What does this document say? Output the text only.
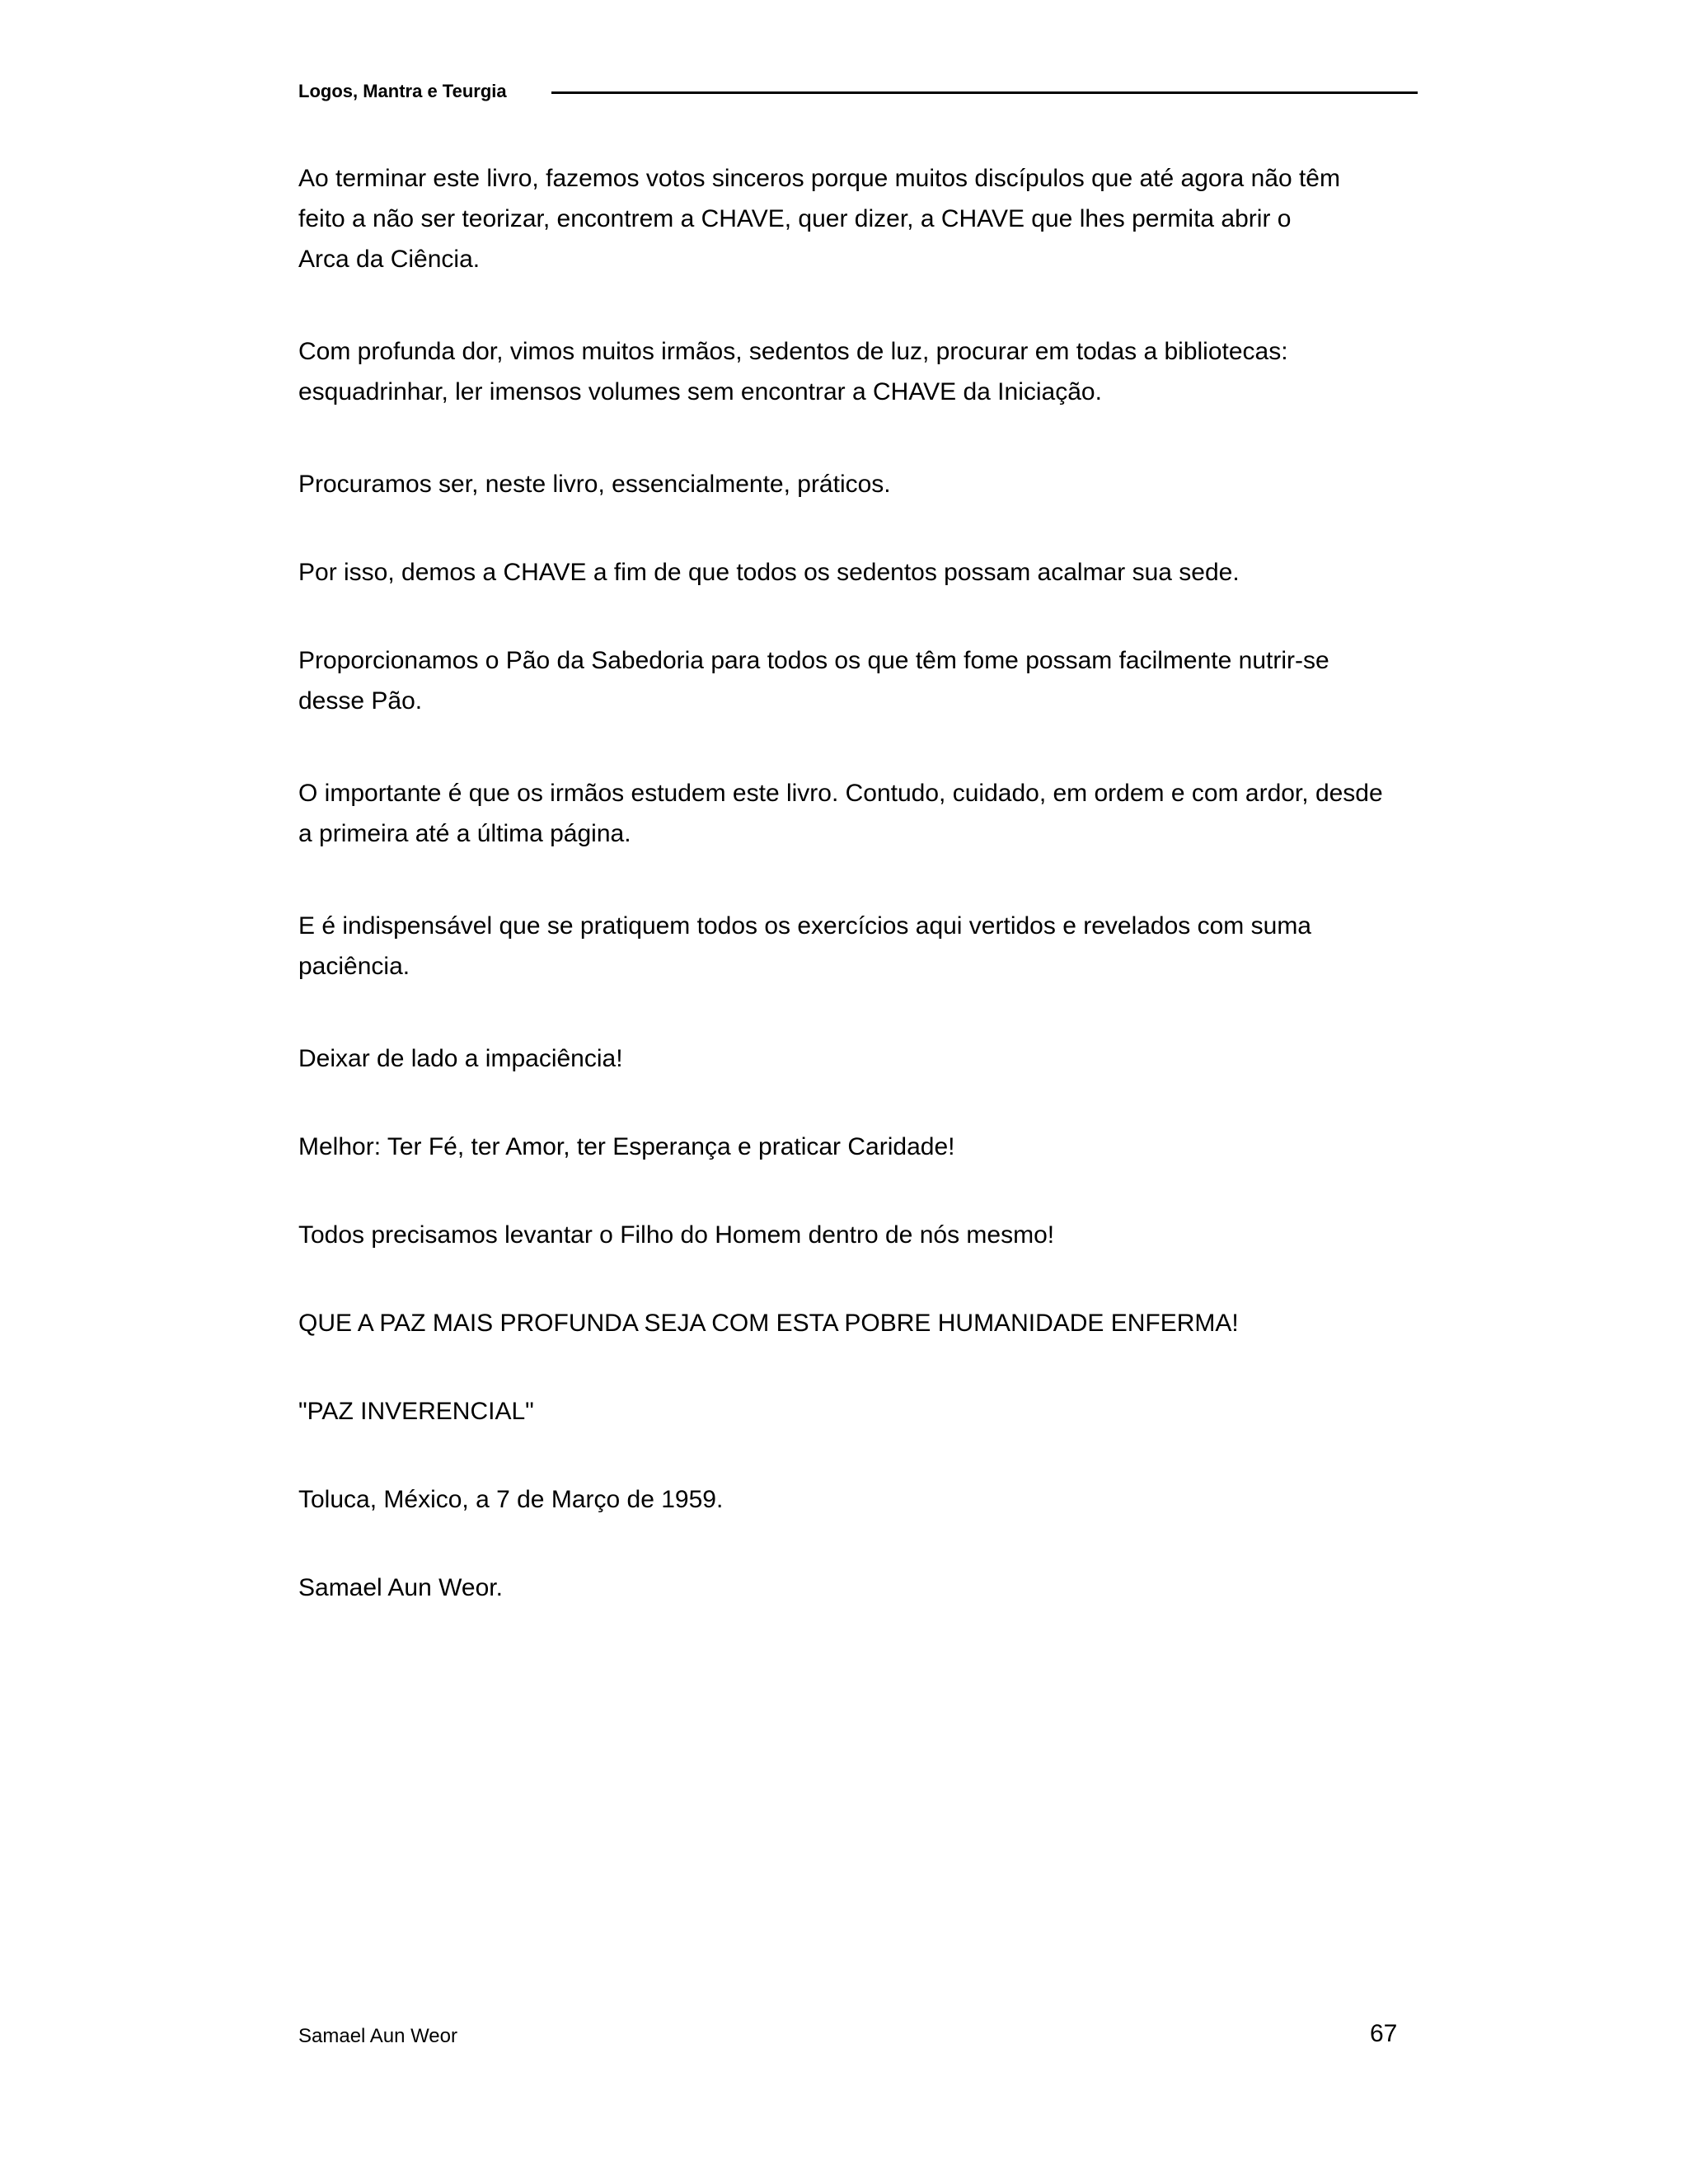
Logos, Mantra e Teurgia

Ao terminar este livro, fazemos votos sinceros porque muitos discípulos que até agora não têm feito a não ser teorizar, encontrem a CHAVE, quer dizer, a CHAVE que lhes permita abrir o Arca da Ciência.

Com profunda dor, vimos muitos irmãos, sedentos de luz, procurar em todas a bibliotecas: esquadrinhar, ler imensos volumes sem encontrar a CHAVE da Iniciação.

Procuramos ser, neste livro, essencialmente, práticos.

Por isso, demos a CHAVE a fim de que todos os sedentos possam acalmar sua sede.

Proporcionamos o Pão da Sabedoria para todos os que têm fome possam facilmente nutrir-se desse Pão.

O importante é que os irmãos estudem este livro. Contudo, cuidado, em ordem e com ardor, desde a primeira até a última página.

E é indispensável que se pratiquem todos os exercícios aqui vertidos e revelados com suma paciência.

Deixar de lado a impaciência!

Melhor: Ter Fé, ter Amor, ter Esperança e praticar Caridade!

Todos precisamos levantar o Filho do Homem dentro de nós mesmo!

QUE A PAZ MAIS PROFUNDA SEJA COM ESTA POBRE HUMANIDADE ENFERMA!

"PAZ INVERENCIAL"

Toluca, México, a 7 de Março de 1959.

Samael Aun Weor.

Samael Aun Weor	67
